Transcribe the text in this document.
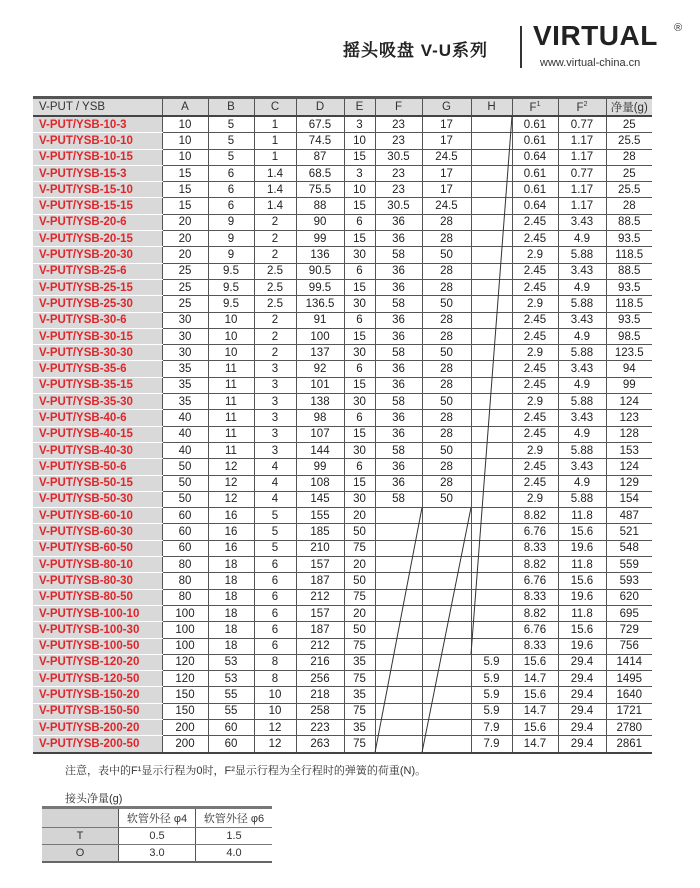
摇头吸盘 V-U系列 VIRTUAL ®
www.virtual-china.cn
V-PUT / YSB	A	B	C	D	E	F	G	H	$F^1$	$F^2$	净量(g)
V-PUT/YSB-10-3	10	5	1	67.5	3	23	17		0.61	0.77	25
V-PUT/YSB-10-10	10	5	1	74.5	10	23	17		0.61	1.17	25.5
V-PUT/YSB-10-15	10	5	1	87	15	30.5	24.5		0.64	1.17	28
V-PUT/YSB-15-3	15	6	1.4	68.5	3	23	17		0.61	0.77	25
V-PUT/YSB-15-10	15	6	1.4	75.5	10	23	17		0.61	1.17	25.5
V-PUT/YSB-15-15	15	6	1.4	88	15	30.5	24.5		0.64	1.17	28
V-PUT/YSB-20-6	20	9	2	90	6	36	28		2.45	3.43	88.5
V-PUT/YSB-20-15	20	9	2	99	15	36	28		2.45	4.9	93.5
V-PUT/YSB-20-30	20	9	2	136	30	58	50		2.9	5.88	118.5
V-PUT/YSB-25-6	25	9.5	2.5	90.5	6	36	28		2.45	3.43	88.5
V-PUT/YSB-25-15	25	9.5	2.5	99.5	15	36	28		2.45	4.9	93.5
V-PUT/YSB-25-30	25	9.5	2.5	136.5	30	58	50		2.9	5.88	118.5
V-PUT/YSB-30-6	30	10	2	91	6	36	28		2.45	3.43	93.5
V-PUT/YSB-30-15	30	10	2	100	15	36	28		2.45	4.9	98.5
V-PUT/YSB-30-30	30	10	2	137	30	58	50		2.9	5.88	123.5
V-PUT/YSB-35-6	35	11	3	92	6	36	28		2.45	3.43	94
V-PUT/YSB-35-15	35	11	3	101	15	36	28		2.45	4.9	99
V-PUT/YSB-35-30	35	11	3	138	30	58	50		2.9	5.88	124
V-PUT/YSB-40-6	40	11	3	98	6	36	28		2.45	3.43	123
V-PUT/YSB-40-15	40	11	3	107	15	36	28		2.45	4.9	128
V-PUT/YSB-40-30	40	11	3	144	30	58	50		2.9	5.88	153
V-PUT/YSB-50-6	50	12	4	99	6	36	28		2.45	3.43	124
V-PUT/YSB-50-15	50	12	4	108	15	36	28		2.45	4.9	129
V-PUT/YSB-50-30	50	12	4	145	30	58	50		2.9	5.88	154
V-PUT/YSB-60-10	60	16	5	155	20				8.82	11.8	487
V-PUT/YSB-60-30	60	16	5	185	50				6.76	15.6	521
V-PUT/YSB-60-50	60	16	5	210	75				8.33	19.6	548
V-PUT/YSB-80-10	80	18	6	157	20				8.82	11.8	559
V-PUT/YSB-80-30	80	18	6	187	50				6.76	15.6	593
V-PUT/YSB-80-50	80	18	6	212	75				8.33	19.6	620
V-PUT/YSB-100-10	100	18	6	157	20				8.82	11.8	695
V-PUT/YSB-100-30	100	18	6	187	50				6.76	15.6	729
V-PUT/YSB-100-50	100	18	6	212	75				8.33	19.6	756
V-PUT/YSB-120-20	120	53	8	216	35			5.9	15.6	29.4	1414
V-PUT/YSB-120-50	120	53	8	256	75			5.9	14.7	29.4	1495
V-PUT/YSB-150-20	150	55	10	218	35			5.9	15.6	29.4	1640
V-PUT/YSB-150-50	150	55	10	258	75			5.9	14.7	29.4	1721
V-PUT/YSB-200-20	200	60	12	223	35			7.9	15.6	29.4	2780
V-PUT/YSB-200-50	200	60	12	263	75			7.9	14.7	29.4	2861
注意，表中的F¹显示行程为0时，F²显示行程为全行程时的弹簧的荷重(N)。
接头净量(g)
	软管外径 φ4	软管外径 φ6
T	0.5	1.5
O	3.0	4.0
